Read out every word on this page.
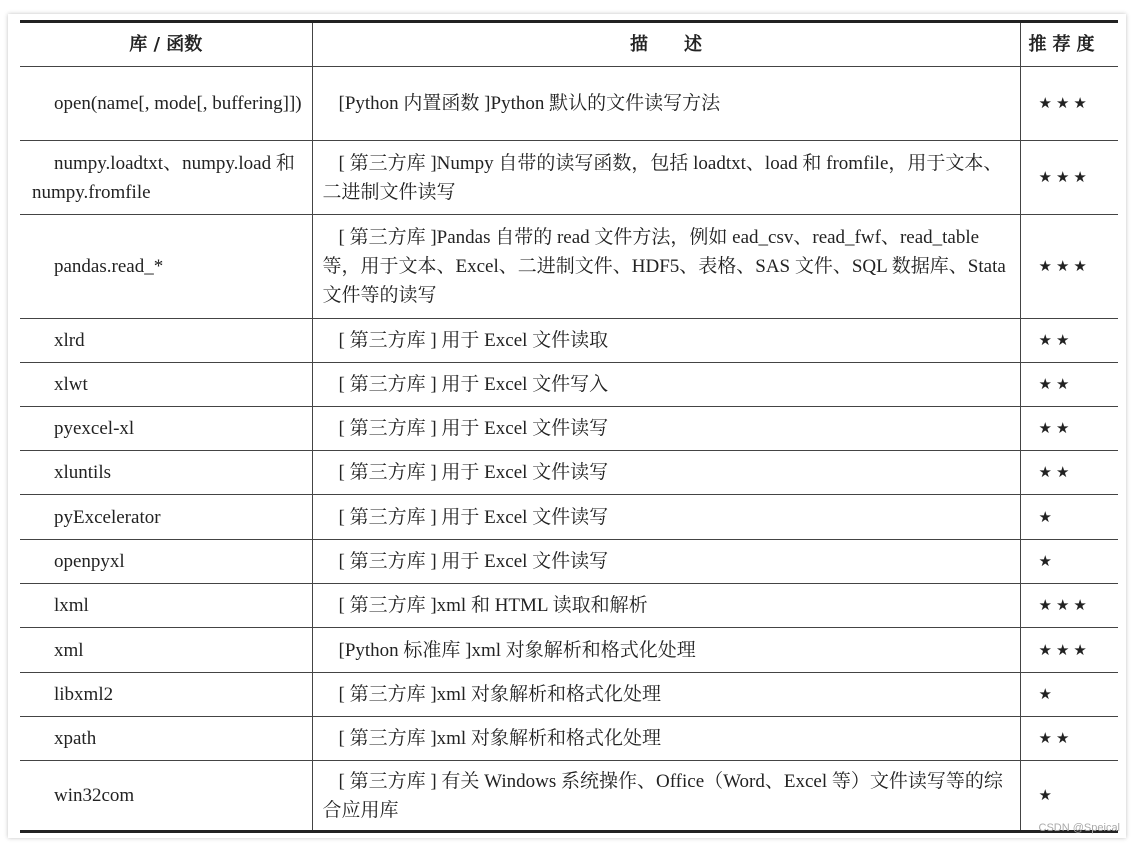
库 / 函数	描　　述	推荐度
open(name[, mode[, buffering]])	[Python 内置函数 ]Python 默认的文件读写方法	★★★
numpy.loadtxt、numpy.load 和 numpy.fromfile	[ 第三方库 ]Numpy 自带的读写函数，包括 loadtxt、load 和 fromfile，用于文本、二进制文件读写	★★★
pandas.read_*	[ 第三方库 ]Pandas 自带的 read 文件方法，例如 ead_csv、read_fwf、read_table 等，用于文本、Excel、二进制文件、HDF5、表格、SAS 文件、SQL 数据库、Stata 文件等的读写	★★★
xlrd	[ 第三方库 ] 用于 Excel 文件读取	★★
xlwt	[ 第三方库 ] 用于 Excel 文件写入	★★
pyexcel-xl	[ 第三方库 ] 用于 Excel 文件读写	★★
xluntils	[ 第三方库 ] 用于 Excel 文件读写	★★
pyExcelerator	[ 第三方库 ] 用于 Excel 文件读写	★
openpyxl	[ 第三方库 ] 用于 Excel 文件读写	★
lxml	[ 第三方库 ]xml 和 HTML 读取和解析	★★★
xml	[Python 标准库 ]xml 对象解析和格式化处理	★★★
libxml2	[ 第三方库 ]xml 对象解析和格式化处理	★
xpath	[ 第三方库 ]xml 对象解析和格式化处理	★★
win32com	[ 第三方库 ] 有关 Windows 系统操作、Office（Word、Excel 等）文件读写等的综合应用库	★
CSDN @Speical
